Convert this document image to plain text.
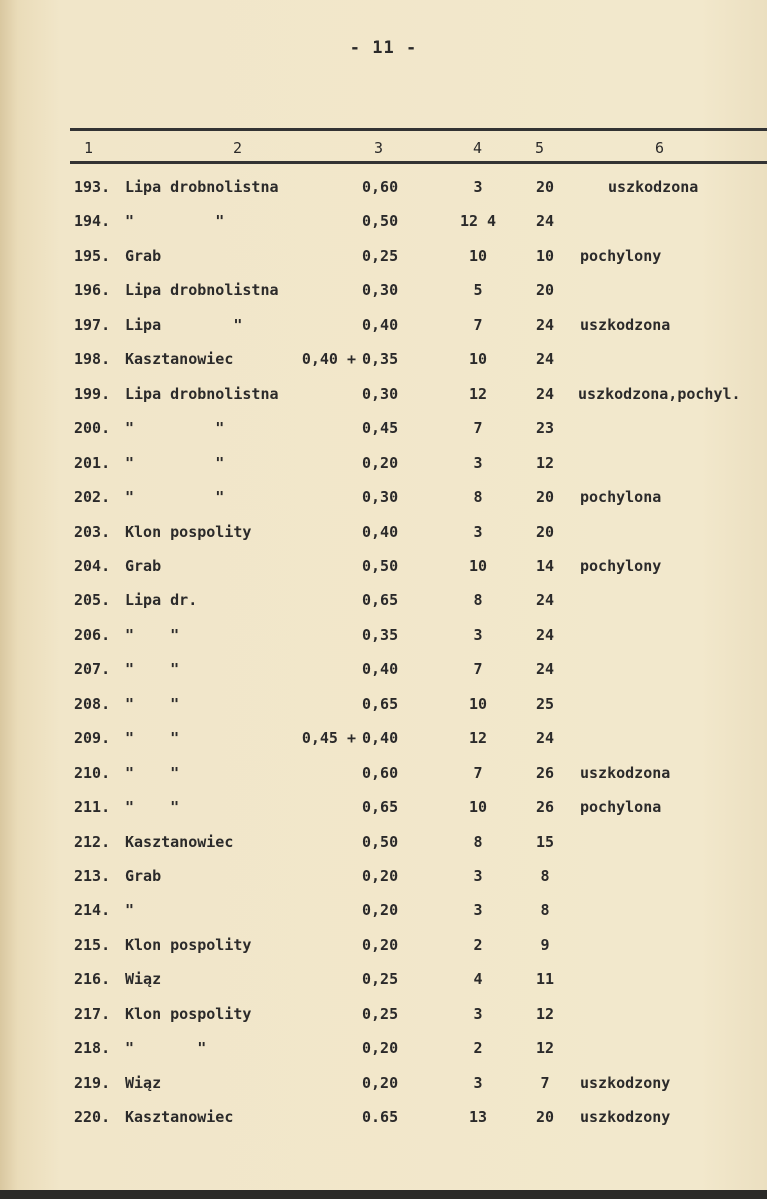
- 11 -
1	2	3	4	5	6
193. Lipa drobnolistna	0,60	3	20	uszkodzona
194. "         "	0,50	12 4	24
195. Grab	0,25	10	10	pochylony
196. Lipa drobnolistna	0,30	5	20
197. Lipa        "	0,40	7	24	uszkodzona
198. Kasztanowiec	0,40 + 0,35	10	24
199. Lipa drobnolistna	0,30	12	24	uszkodzona,pochyl.
200. "         "	0,45	7	23
201. "         "	0,20	3	12
202. "         "	0,30	8	20	pochylona
203. Klon pospolity	0,40	3	20
204. Grab	0,50	10	14	pochylony
205. Lipa dr.	0,65	8	24
206. "    "	0,35	3	24
207. "    "	0,40	7	24
208. "    "	0,65	10	25
209. "    "	0,45 + 0,40	12	24
210. "    "	0,60	7	26	uszkodzona
211. "    "	0,65	10	26	pochylona
212. Kasztanowiec	0,50	8	15
213. Grab	0,20	3	8
214. "	0,20	3	8
215. Klon pospolity	0,20	2	9
216. Wiąz	0,25	4	11
217. Klon pospolity	0,25	3	12
218. "       "	0,20	2	12
219. Wiąz	0,20	3	7	uszkodzony
220. Kasztanowiec	0.65	13	20	uszkodzony
